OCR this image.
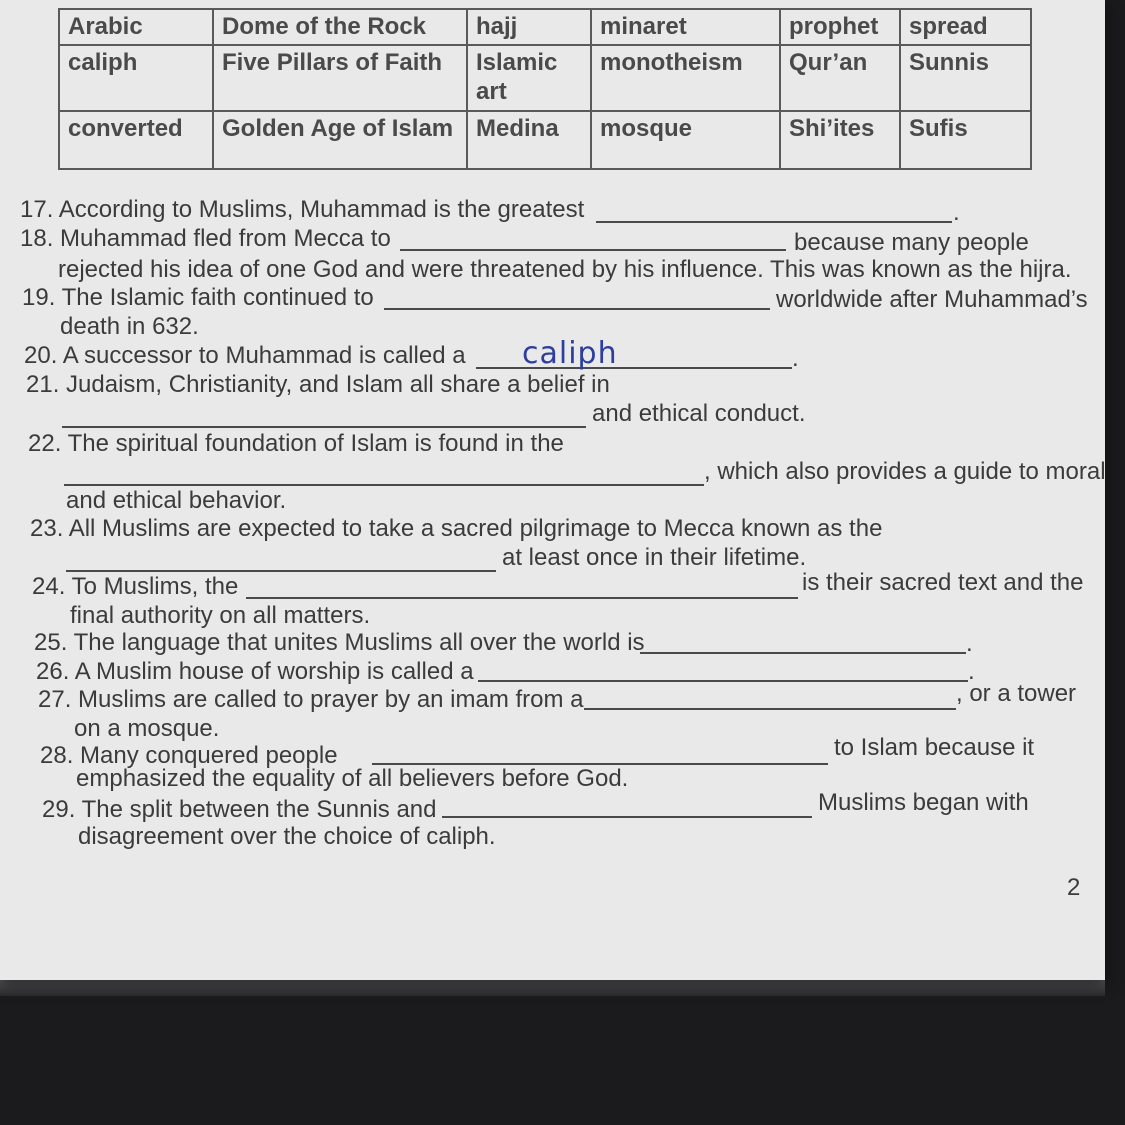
Arabic	Dome of the Rock	hajj	minaret	prophet	spread
caliph	Five Pillars of Faith	Islamic art	monotheism	Qur’an	Sunnis
converted	Golden Age of Islam	Medina	mosque	Shi’ites	Sufis
17. According to Muslims, Muhammad is the greatest	.
18. Muhammad fled from Mecca to	because many people
rejected his idea of one God and were threatened by his influence. This was known as the hijra.
19. The Islamic faith continued to	worldwide after Muhammad’s
death in 632.
20. A successor to Muhammad is called a caliph	.
21. Judaism, Christianity, and Islam all share a belief in
and ethical conduct.
22. The spiritual foundation of Islam is found in the
, which also provides a guide to moral
and ethical behavior.
23. All Muslims are expected to take a sacred pilgrimage to Mecca known as the
at least once in their lifetime.
24. To Muslims, the	is their sacred text and the
final authority on all matters.
25. The language that unites Muslims all over the world is	.
26. A Muslim house of worship is called a	.
27. Muslims are called to prayer by an imam from a	, or a tower
on a mosque.
28. Many conquered people	to Islam because it
emphasized the equality of all believers before God.
29. The split between the Sunnis and	Muslims began with
disagreement over the choice of caliph.
2
